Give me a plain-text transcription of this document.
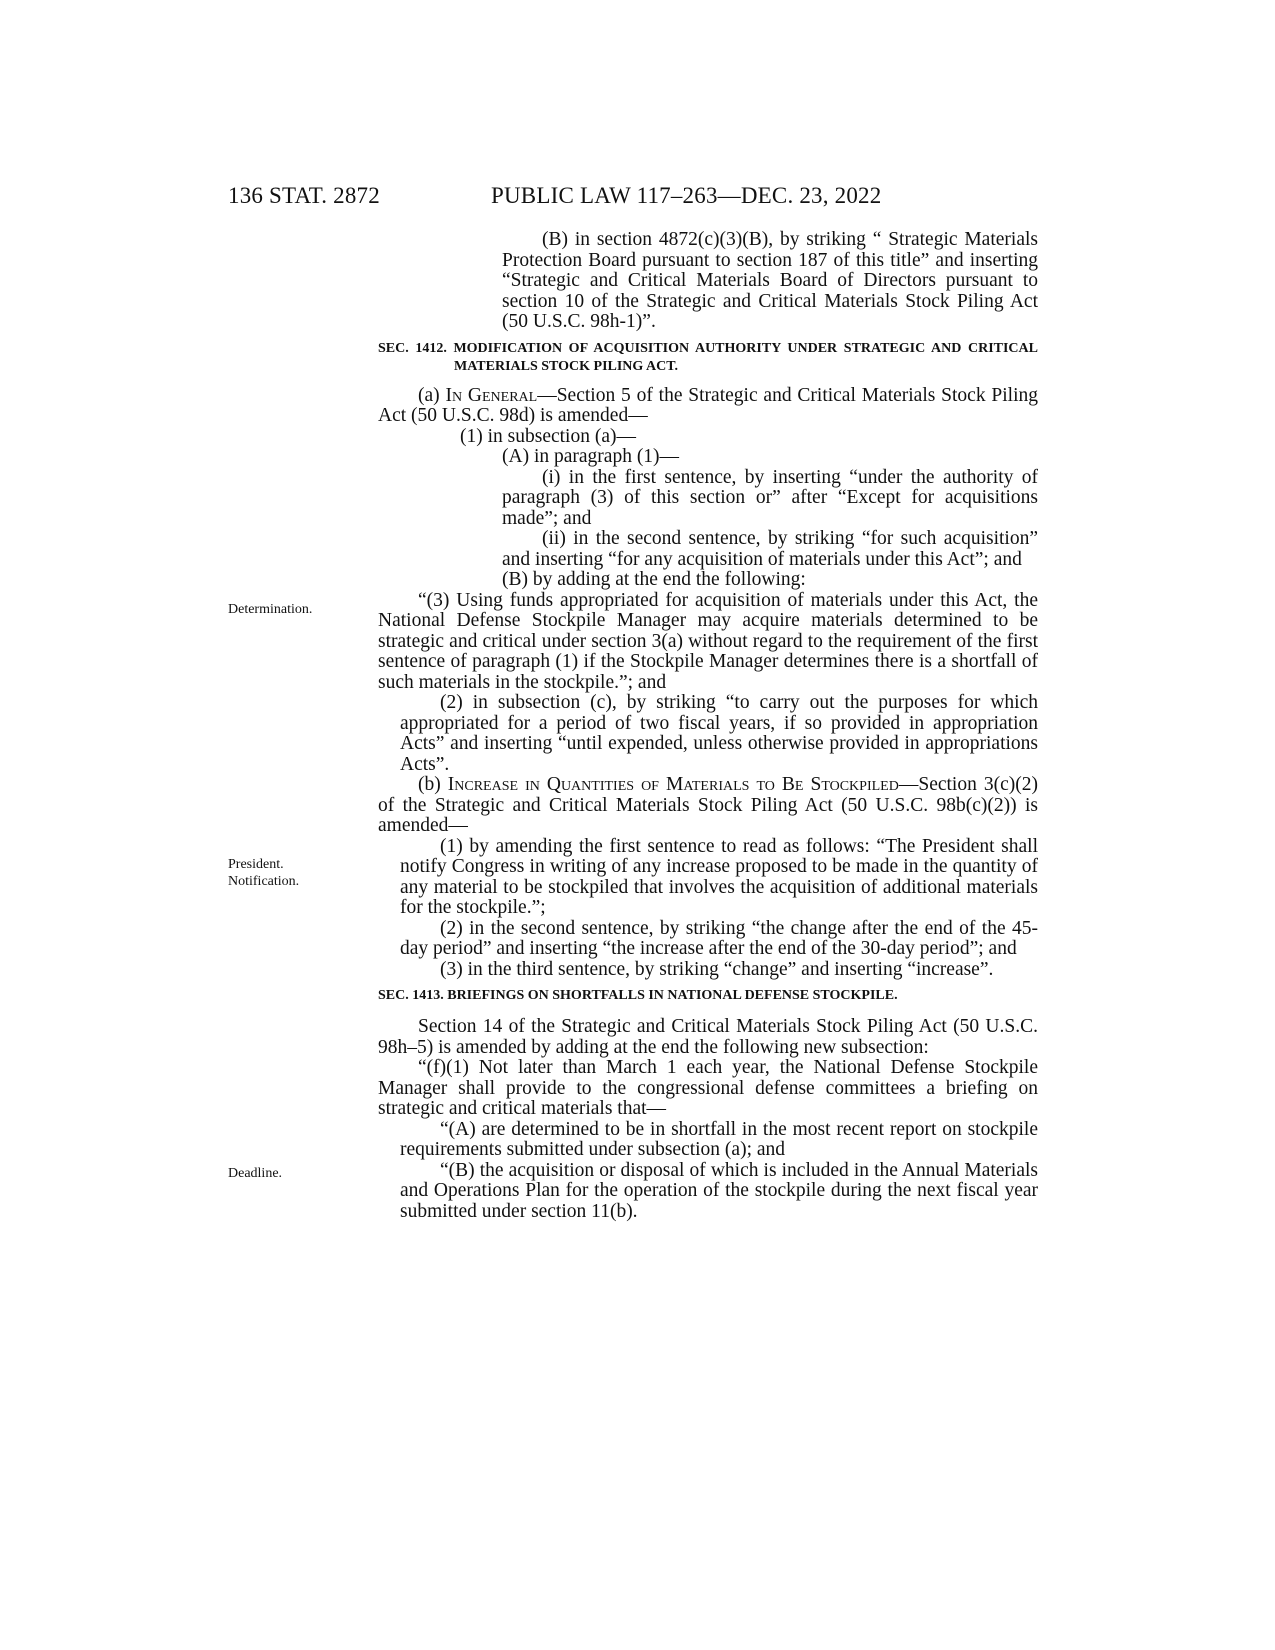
136 STAT. 2872	PUBLIC LAW 117–263—DEC. 23, 2022
Determination.
President.
Notification.
Deadline.

(B) in section 4872(c)(3)(B), by striking “ Strategic Materials Protection Board pursuant to section 187 of this title” and inserting “Strategic and Critical Materials Board of Directors pursuant to section 10 of the Strategic and Critical Materials Stock Piling Act (50 U.S.C. 98h-1)”.

SEC. 1412. MODIFICATION OF ACQUISITION AUTHORITY UNDER STRATEGIC AND CRITICAL MATERIALS STOCK PILING ACT.

(a) In General—Section 5 of the Strategic and Critical Materials Stock Piling Act (50 U.S.C. 98d) is amended—

(1) in subsection (a)—

(A) in paragraph (1)—

(i) in the first sentence, by inserting “under the authority of paragraph (3) of this section or” after “Except for acquisitions made”; and

(ii) in the second sentence, by striking “for such acquisition” and inserting “for any acquisition of materials under this Act”; and

(B) by adding at the end the following:

“(3) Using funds appropriated for acquisition of materials under this Act, the National Defense Stockpile Manager may acquire materials determined to be strategic and critical under section 3(a) without regard to the requirement of the first sentence of paragraph (1) if the Stockpile Manager determines there is a shortfall of such materials in the stockpile.”; and

(2) in subsection (c), by striking “to carry out the purposes for which appropriated for a period of two fiscal years, if so provided in appropriation Acts” and inserting “until expended, unless otherwise provided in appropriations Acts”.

(b) Increase in Quantities of Materials to Be Stockpiled—Section 3(c)(2) of the Strategic and Critical Materials Stock Piling Act (50 U.S.C. 98b(c)(2)) is amended—

(1) by amending the first sentence to read as follows: “The President shall notify Congress in writing of any increase proposed to be made in the quantity of any material to be stockpiled that involves the acquisition of additional materials for the stockpile.”;

(2) in the second sentence, by striking “the change after the end of the 45-day period” and inserting “the increase after the end of the 30-day period”; and

(3) in the third sentence, by striking “change” and inserting “increase”.

SEC. 1413. BRIEFINGS ON SHORTFALLS IN NATIONAL DEFENSE STOCKPILE.

Section 14 of the Strategic and Critical Materials Stock Piling Act (50 U.S.C. 98h–5) is amended by adding at the end the following new subsection:

“(f)(1) Not later than March 1 each year, the National Defense Stockpile Manager shall provide to the congressional defense committees a briefing on strategic and critical materials that—

“(A) are determined to be in shortfall in the most recent report on stockpile requirements submitted under subsection (a); and

“(B) the acquisition or disposal of which is included in the Annual Materials and Operations Plan for the operation of the stockpile during the next fiscal year submitted under section 11(b).
